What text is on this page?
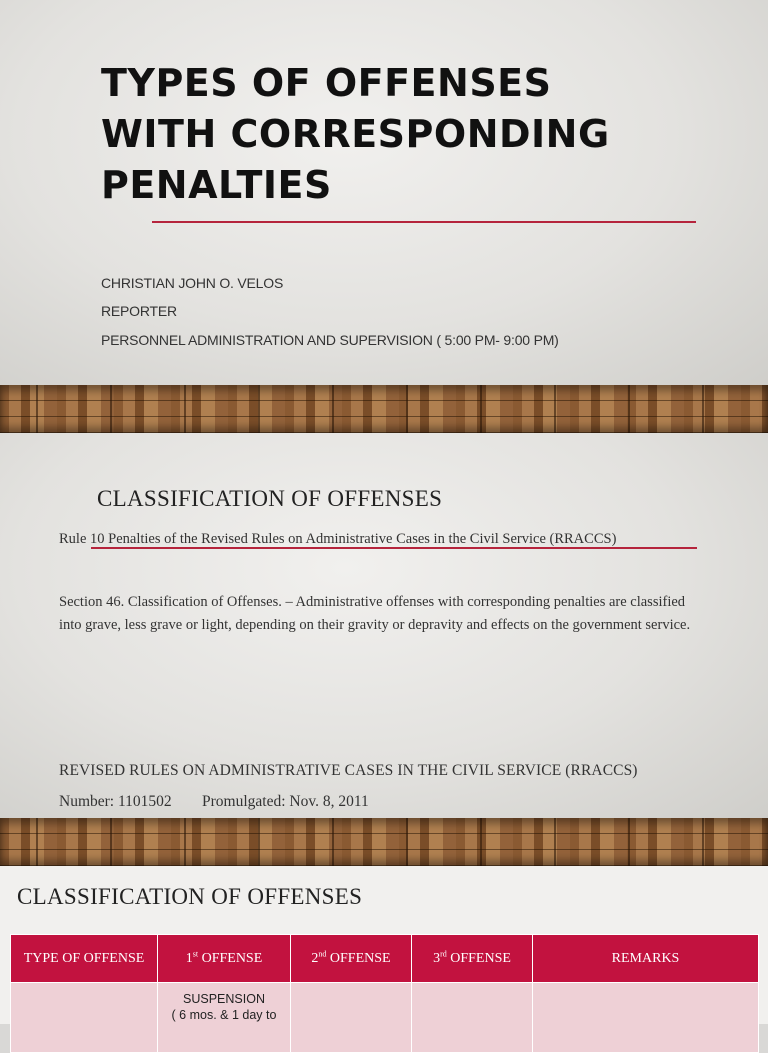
TYPES OF OFFENSES
WITH CORRESPONDING
PENALTIES
CHRISTIAN JOHN O. VELOS
REPORTER
PERSONNEL ADMINISTRATION AND SUPERVISION ( 5:00 PM- 9:00 PM)
CLASSIFICATION OF OFFENSES
Rule 10 Penalties of the Revised Rules on Administrative Cases in the Civil Service (RRACCS)

Section 46. Classification of Offenses. – Administrative offenses with corresponding penalties are classified into grave, less grave or light, depending on their gravity or depravity and effects on the government service.

REVISED RULES ON ADMINISTRATIVE CASES IN THE CIVIL SERVICE (RRACCS)
Number: 1101502 Promulgated: Nov. 8, 2011
CLASSIFICATION OF OFFENSES
TYPE OF OFFENSE	1st OFFENSE	2nd OFFENSE	3rd OFFENSE	REMARKS

	SUSPENSION
( 6 mos. & 1 day to			
